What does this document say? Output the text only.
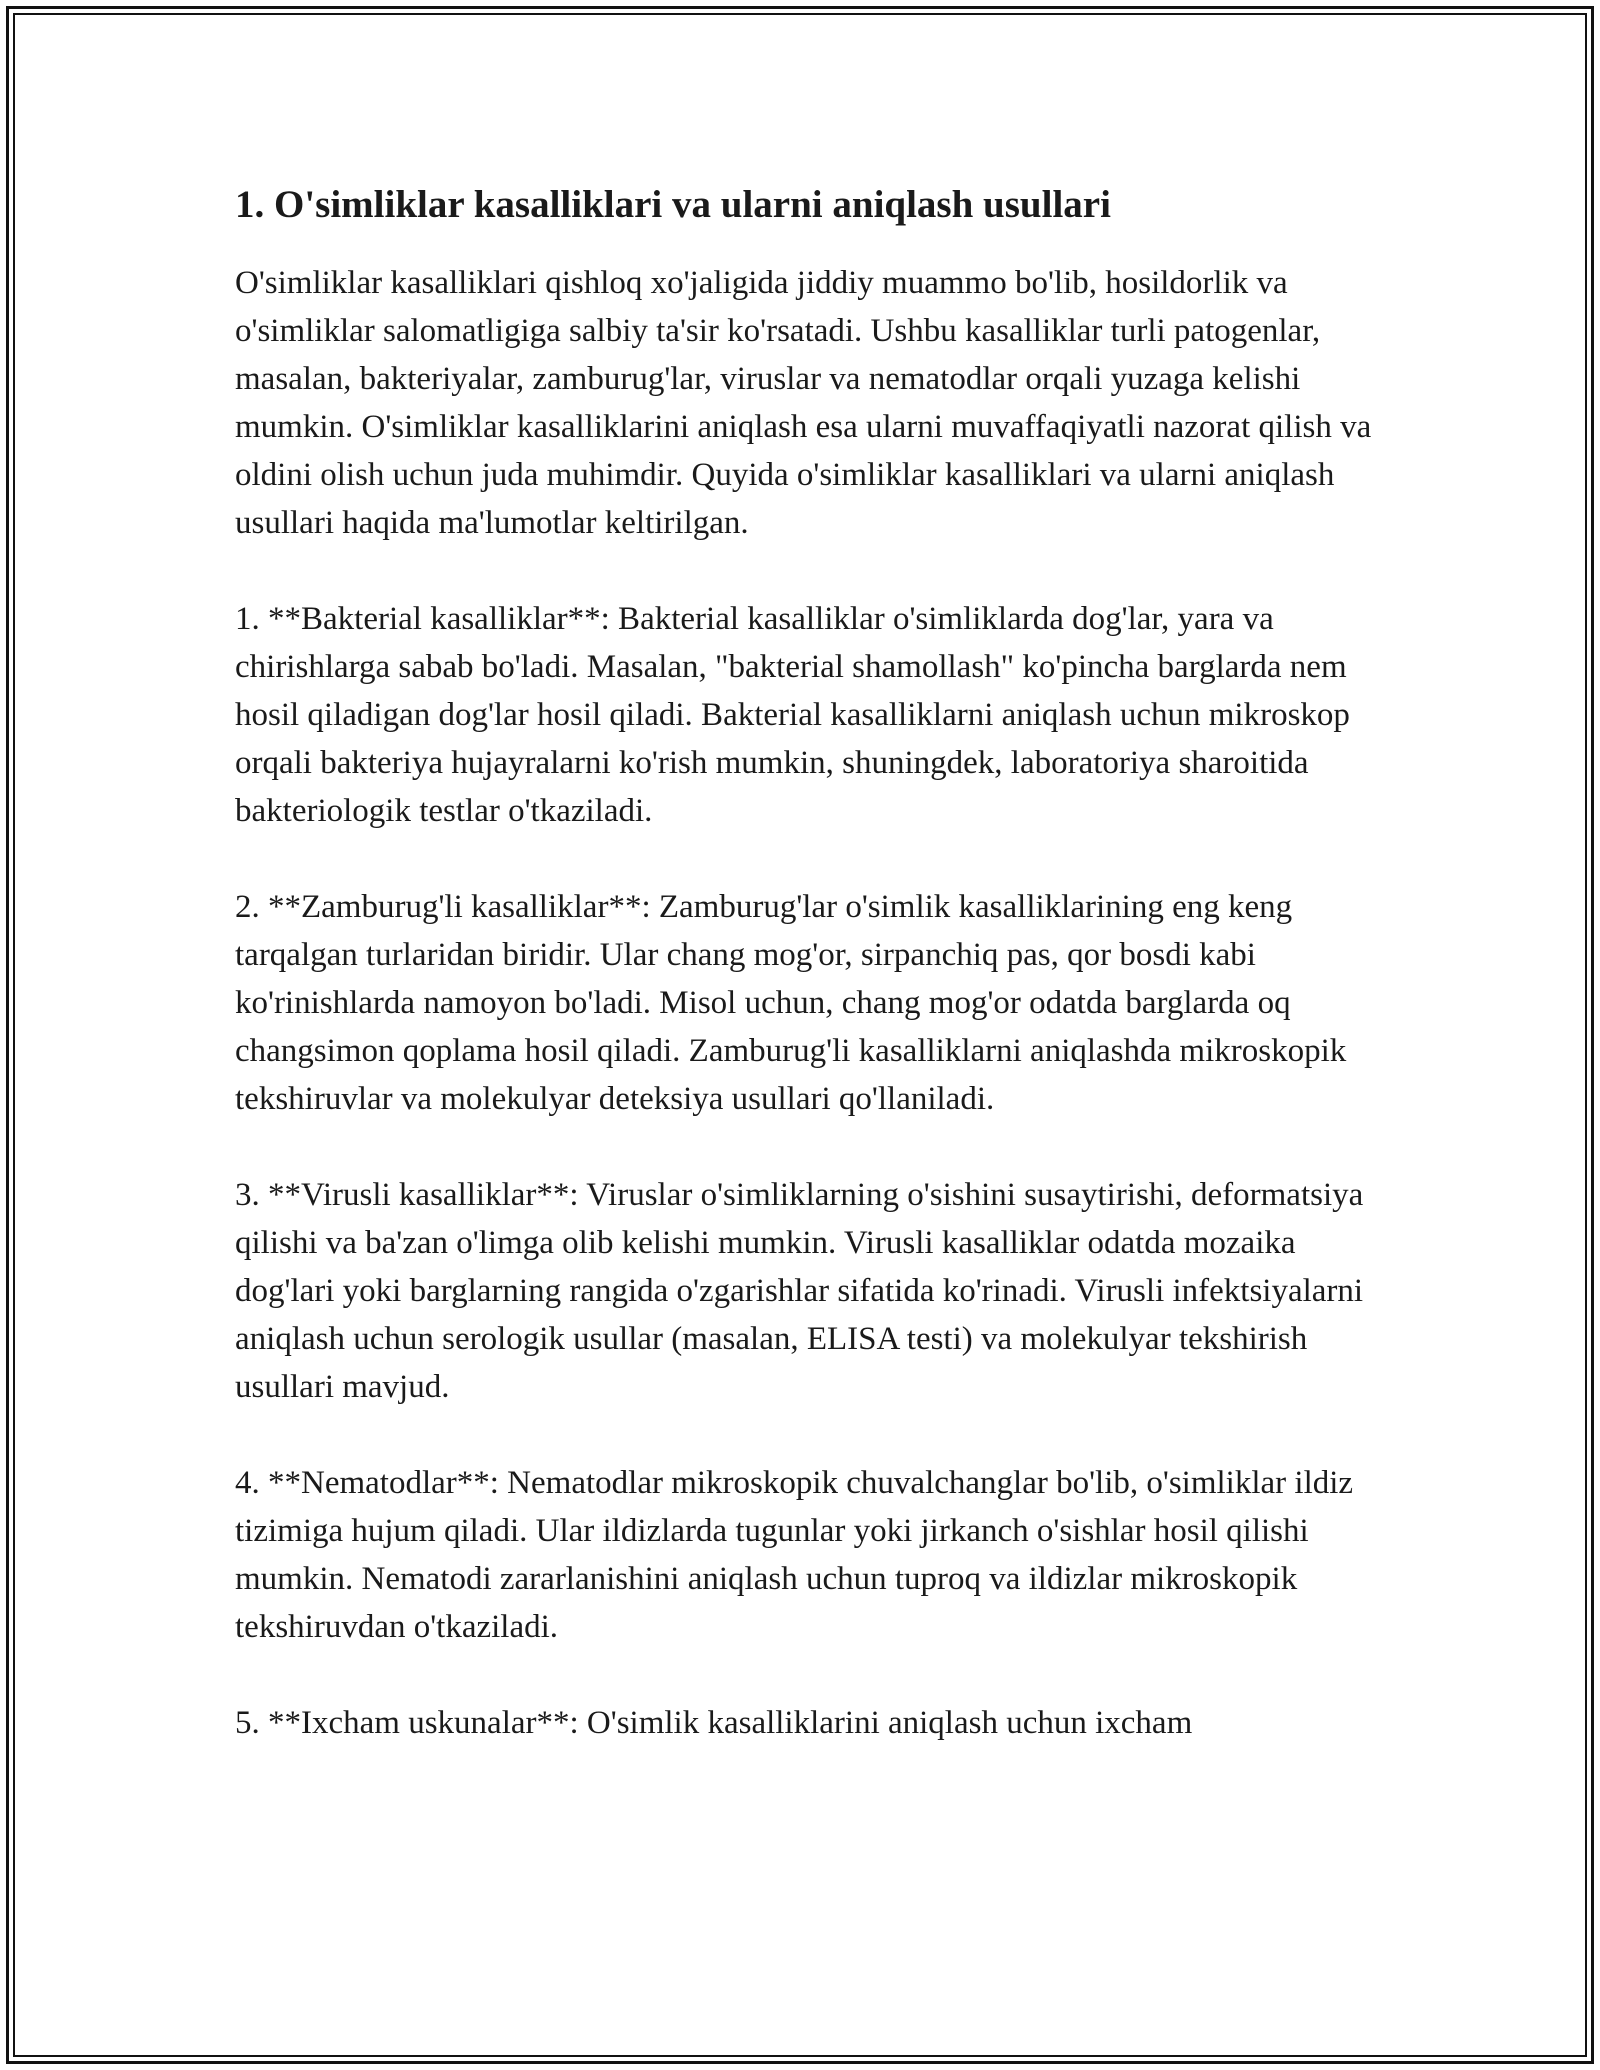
1. O'simliklar kasalliklari va ularni aniqlash usullari

O'simliklar kasalliklari qishloq xo'jaligida jiddiy muammo bo'lib, hosildorlik va o'simliklar salomatligiga salbiy ta'sir ko'rsatadi. Ushbu kasalliklar turli patogenlar, masalan, bakteriyalar, zamburug'lar, viruslar va nematodlar orqali yuzaga kelishi mumkin. O'simliklar kasalliklarini aniqlash esa ularni muvaffaqiyatli nazorat qilish va oldini olish uchun juda muhimdir. Quyida o'simliklar kasalliklari va ularni aniqlash usullari haqida ma'lumotlar keltirilgan.

1. **Bakterial kasalliklar**: Bakterial kasalliklar o'simliklarda dog'lar, yara va chirishlarga sabab bo'ladi. Masalan, "bakterial shamollash" ko'pincha barglarda nem hosil qiladigan dog'lar hosil qiladi. Bakterial kasalliklarni aniqlash uchun mikroskop orqali bakteriya hujayralarni ko'rish mumkin, shuningdek, laboratoriya sharoitida bakteriologik testlar o'tkaziladi.

2. **Zamburug'li kasalliklar**: Zamburug'lar o'simlik kasalliklarining eng keng tarqalgan turlaridan biridir. Ular chang mog'or, sirpanchiq pas, qor bosdi kabi ko'rinishlarda namoyon bo'ladi. Misol uchun, chang mog'or odatda barglarda oq changsimon qoplama hosil qiladi. Zamburug'li kasalliklarni aniqlashda mikroskopik tekshiruvlar va molekulyar deteksiya usullari qo'llaniladi.

3. **Virusli kasalliklar**: Viruslar o'simliklarning o'sishini susaytirishi, deformatsiya qilishi va ba'zan o'limga olib kelishi mumkin. Virusli kasalliklar odatda mozaika dog'lari yoki barglarning rangida o'zgarishlar sifatida ko'rinadi. Virusli infektsiyalarni aniqlash uchun serologik usullar (masalan, ELISA testi) va molekulyar tekshirish usullari mavjud.

4. **Nematodlar**: Nematodlar mikroskopik chuvalchanglar bo'lib, o'simliklar ildiz tizimiga hujum qiladi. Ular ildizlarda tugunlar yoki jirkanch o'sishlar hosil qilishi mumkin. Nematodi zararlanishini aniqlash uchun tuproq va ildizlar mikroskopik tekshiruvdan o'tkaziladi.

5. **Ixcham uskunalar**: O'simlik kasalliklarini aniqlash uchun ixcham
